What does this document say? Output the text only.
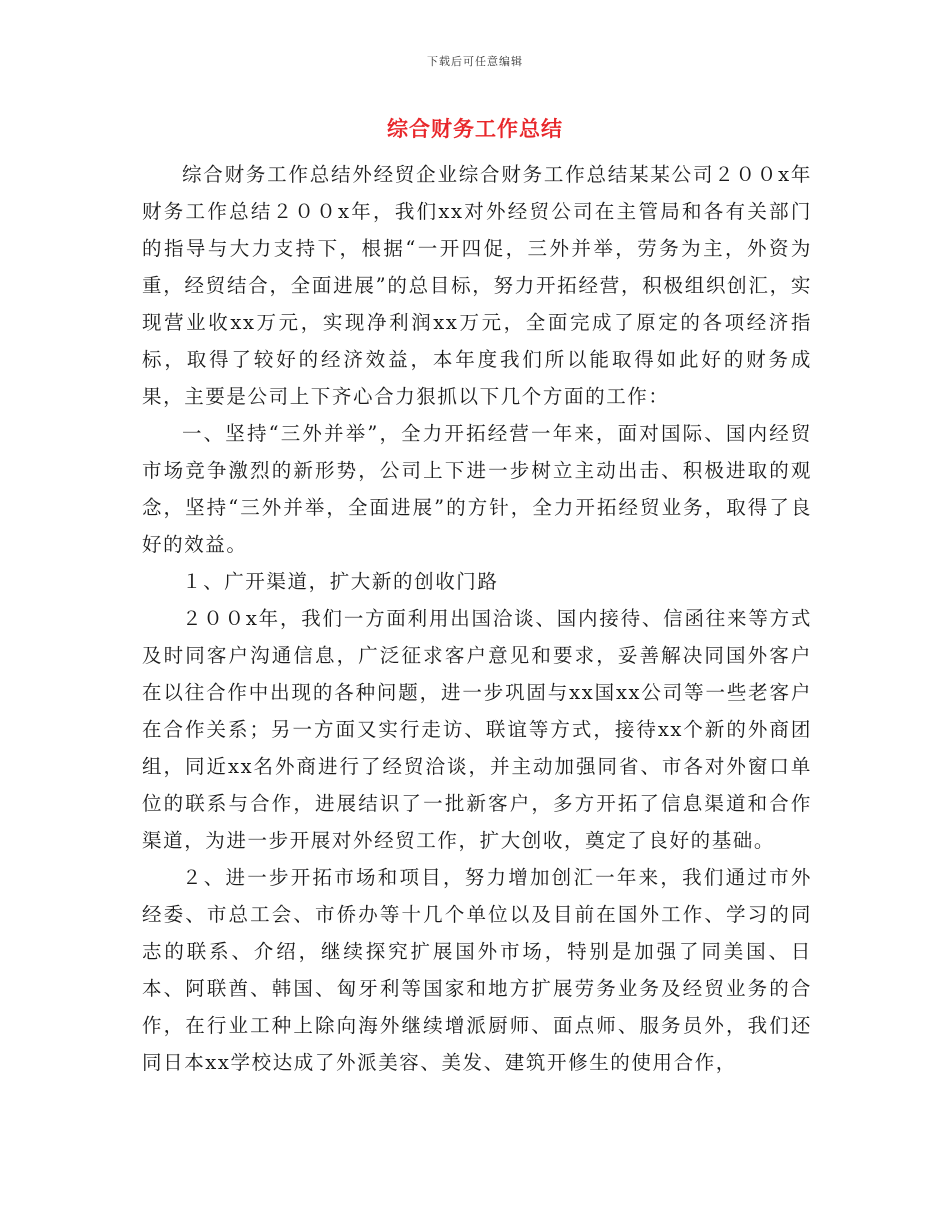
下载后可任意编辑
综合财务工作总结

综合财务工作总结外经贸企业综合财务工作总结某某公司２００x年财务工作总结２００x年，我们xx对外经贸公司在主管局和各有关部门的指导与大力支持下，根据“一开四促，三外并举，劳务为主，外资为重，经贸结合，全面进展”的总目标，努力开拓经营，积极组织创汇，实现营业收xx万元，实现净利润xx万元，全面完成了原定的各项经济指标，取得了较好的经济效益，本年度我们所以能取得如此好的财务成果，主要是公司上下齐心合力狠抓以下几个方面的工作：

一、坚持“三外并举”，全力开拓经营一年来，面对国际、国内经贸市场竞争激烈的新形势，公司上下进一步树立主动出击、积极进取的观念，坚持“三外并举，全面进展”的方针，全力开拓经贸业务，取得了良好的效益。

１、广开渠道，扩大新的创收门路

２００x年，我们一方面利用出国洽谈、国内接待、信函往来等方式及时同客户沟通信息，广泛征求客户意见和要求，妥善解决同国外客户在以往合作中出现的各种问题，进一步巩固与xx国xx公司等一些老客户在合作关系；另一方面又实行走访、联谊等方式，接待xx个新的外商团组，同近xx名外商进行了经贸洽谈，并主动加强同省、市各对外窗口单位的联系与合作，进展结识了一批新客户，多方开拓了信息渠道和合作渠道，为进一步开展对外经贸工作，扩大创收，奠定了良好的基础。

２、进一步开拓市场和项目，努力增加创汇一年来，我们通过市外经委、市总工会、市侨办等十几个单位以及目前在国外工作、学习的同志的联系、介绍，继续探究扩展国外市场，特别是加强了同美国、日本、阿联酋、韩国、匈牙利等国家和地方扩展劳务业务及经贸业务的合作，在行业工种上除向海外继续增派厨师、面点师、服务员外，我们还同日本xx学校达成了外派美容、美发、建筑开修生的使用合作，
